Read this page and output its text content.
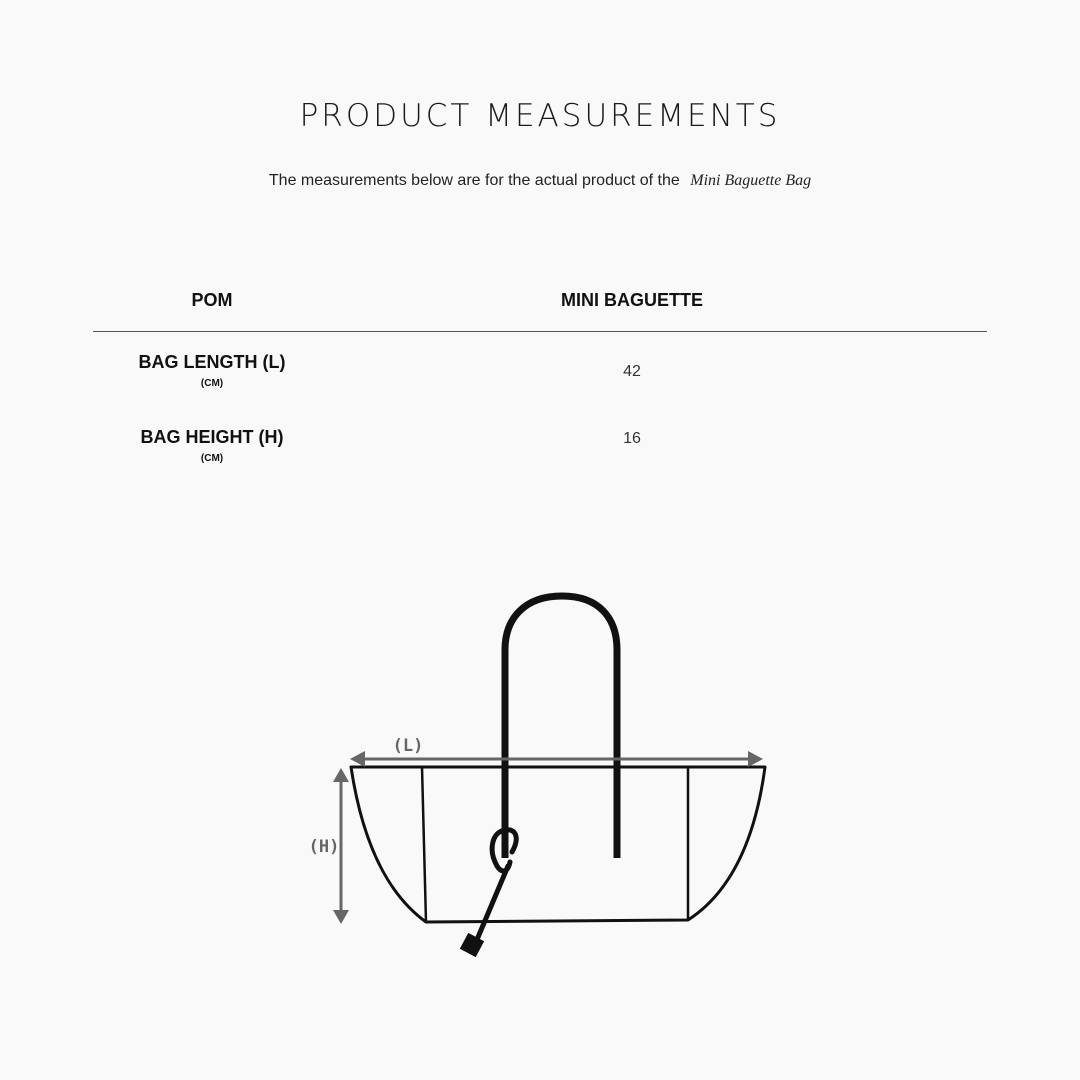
PRODUCT MEASUREMENTS
The measurements below are for the actual product of the Mini Baguette Bag
POM	MINI BAGUETTE
BAG LENGTH (L)
(CM)
42
BAG HEIGHT (H)
(CM)
16
(L)
(H)
